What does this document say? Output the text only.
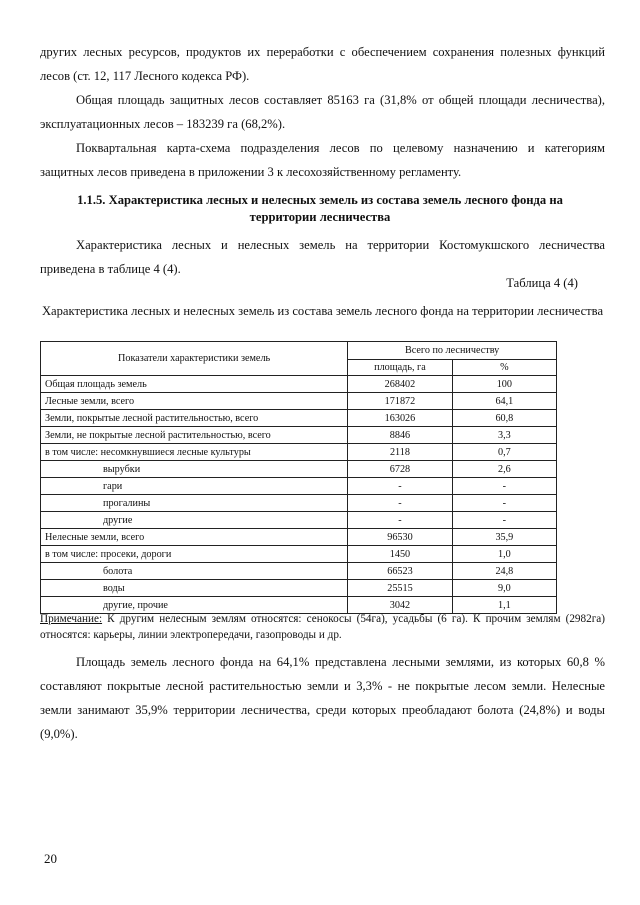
других лесных ресурсов, продуктов их переработки с обеспечением сохранения полезных функций лесов (ст. 12, 117 Лесного кодекса РФ).

Общая площадь защитных лесов составляет 85163 га (31,8% от общей площади лесничества), эксплуатационных лесов – 183239 га (68,2%).

Поквартальная карта-схема подразделения лесов по целевому назначению и категориям защитных лесов приведена в приложении 3 к лесохозяйственному регламенту.

1.1.5. Характеристика лесных и нелесных земель из состава земель лесного фонда на территории лесничества

Характеристика лесных и нелесных земель на территории Костомукшского лесничества приведена в таблице 4 (4).

Таблица 4 (4)

Характеристика лесных и нелесных земель из состава земель лесного фонда на территории лесничества

Показатели характеристики земель	Всего по лесничеству	
	площадь, га	%
Общая площадь земель	268402	100
Лесные земли, всего	171872	64,1
Земли, покрытые лесной растительностью, всего	163026	60,8
Земли, не покрытые лесной растительностью, всего	8846	3,3
в том числе: несомкнувшиеся лесные культуры	2118	0,7
вырубки	6728	2,6
гари	-	-
прогалины	-	-
другие	-	-
Нелесные земли, всего	96530	35,9
в том числе: просеки, дороги	1450	1,0
болота	66523	24,8
воды	25515	9,0
другие, прочие	3042	1,1

Примечание: К другим нелесным землям относятся: сенокосы (54га), усадьбы (6 га). К прочим землям (2982га) относятся: карьеры, линии электропередачи, газопроводы и др.

Площадь земель лесного фонда на 64,1% представлена лесными землями, из которых 60,8 % составляют покрытые лесной растительностью земли и 3,3% - не покрытые лесом земли. Нелесные земли занимают 35,9% территории лесничества, среди которых преобладают болота (24,8%) и воды (9,0%).

20
